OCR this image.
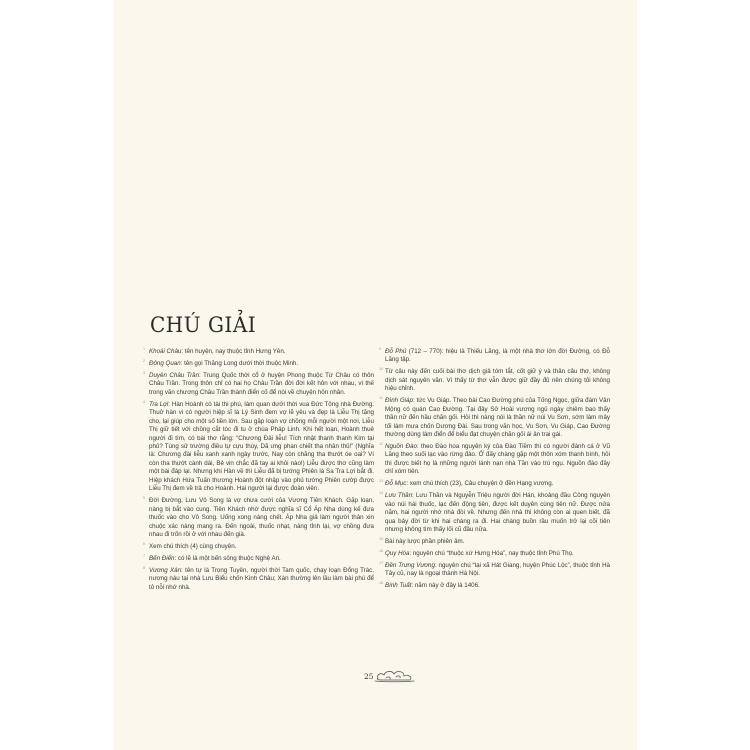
CHÚ GIẢI

1 Khoái Châu: tên huyện, nay thuộc tỉnh Hưng Yên.

2 Đông Quan: tên gọi Thăng Long dưới thời thuộc Minh.

3 Duyên Châu Trần: Trung Quốc thời cổ ở huyện Phong thuộc Từ Châu có thôn Châu Trần. Trong thôn chỉ có hai họ Châu Trần đời đời kết hôn với nhau, vì thế trong văn chương Châu Trần thành điển cố để nói về chuyện hôn nhân.

4 Tra Lợi: Hàn Hoành có tài thi phú, làm quan dưới thời vua Đức Tông nhà Đường. Thuở hàn vi có người hiệp sĩ là Lý Sinh đem vợ lẽ yêu và đẹp là Liễu Thị tặng cho, lại giúp cho một số tiền lớn. Sau gặp loạn vợ chồng mỗi người một nơi, Liễu Thị giữ tiết với chồng cắt tóc đi tu ở chùa Pháp Linh. Khi hết loạn, Hoành thuê người đi tìm, có bài thơ rằng: “Chương Đài liễu! Tích nhật thanh thanh Kim tại phủ? Túng sử trường điều tự cựu thùy, Dã ưng phan chiết tha nhân thủ!” (Nghĩa là: Chương đài liễu xanh xanh ngày trước, Nay còn chăng tha thướt óe oai? Ví còn tha thướt cành dài, Bẻ vin chắc đã tay ai khỏi nào!) Liễu được thơ cũng làm một bài đáp lại. Nhưng khi Hàn về thì Liễu đã bị tướng Phiên là Sa Tra Lợi bắt đi. Hiệp khách Hứa Tuấn thương Hoành đột nhập vào phủ tướng Phiên cướp được Liễu Thị đem về trả cho Hoành. Hai người lại được đoàn viên.

5 Đời Đường, Lưu Vô Song là vợ chưa cưới của Vương Tiên Khách. Gặp loạn, nàng bị bắt vào cung. Tiên Khách nhờ được nghĩa sĩ Cổ Áp Nha dùng kế đưa thuốc vào cho Vô Song. Uống xong nàng chết. Áp Nha giả làm người thân xin chuộc xác nàng mang ra. Đến ngoài, thuốc nhạt, nàng tỉnh lại, vợ chồng đưa nhau đi trốn rồi ở với nhau đến già.

6 Xem chú thích (4) cùng chuyện.

7 Bến Điển: có lẽ là một bến sông thuộc Nghệ An.

8 Vương Xán: tên tự là Trọng Tuyên, người thời Tam quốc, chạy loạn Đổng Trác, nương náu tại nhà Lưu Biểu chốn Kinh Châu; Xán thường lên lầu làm bài phú để tỏ nỗi nhớ nhà.

9 Đỗ Phủ (712 – 770): hiệu là Thiếu Lăng, là một nhà thơ lớn đời Đường, có Đỗ Lăng tập.

10 Từ câu này đến cuối bài thơ dịch giả tóm tắt, cốt giữ ý và thân câu thơ, không dịch sát nguyên văn. Vì thấy từ thơ vẫn được giữ đầy đủ nên chúng tôi không hiệu chỉnh.

11 Đình Giáp: tức Vu Giáp. Theo bài Cao Đường phú của Tống Ngọc, giữa đám Vân Mộng có quán Cao Đường. Tại đây Sở Hoài vương ngủ ngày chiêm bao thấy thần nữ đến hầu chăn gối. Hỏi thì nàng nói là thần nữ núi Vu Sơn, sớm làm mây tối làm mưa chốn Dương Đài. Sau trong văn học, Vu Sơn, Vu Giáp, Cao Đường thường dùng làm điển để biểu đạt chuyện chăn gối ái ân trai gái.

12 Nguồn Đào: theo Đào hoa nguyên ký của Đào Tiềm thì có người đánh cá ở Vũ Lăng theo suối lạc vào rừng đào. Ở đấy chàng gặp một thôn xóm thanh bình, hỏi thì được biết họ là những người lánh nạn nhà Tần vào trú ngụ. Nguồn đào đây chỉ xóm tiên.

13 Đỗ Mục: xem chú thích (23), Câu chuyện ở đền Hạng vương.

14 Lưu Thần: Lưu Thần và Nguyễn Triệu người đời Hán, khoảng đầu Công nguyên vào núi hái thuốc, lạc đến động tiên, được kết duyên cùng tiên nữ. Được nửa năm, hai người nhớ nhà đòi về. Nhưng đến nhà thì không còn ai quen biết, đã qua bảy đời từ khi hai chàng ra đi. Hai chàng buồn rầu muốn trở lại cõi tiên nhưng không tìm thấy lối cũ đâu nữa.

15 Bài này lược phần phiên âm.

16 Quy Hóa: nguyên chú “thuộc xứ Hưng Hóa”, nay thuộc tỉnh Phú Thọ.

17 Đền Trưng Vương: nguyên chú “tại xã Hát Giang, huyện Phúc Lộc”, thuộc tỉnh Hà Tây cũ, nay là ngoại thành Hà Nội.

18 Bính Tuất: năm này ở đây là 1406.

25
